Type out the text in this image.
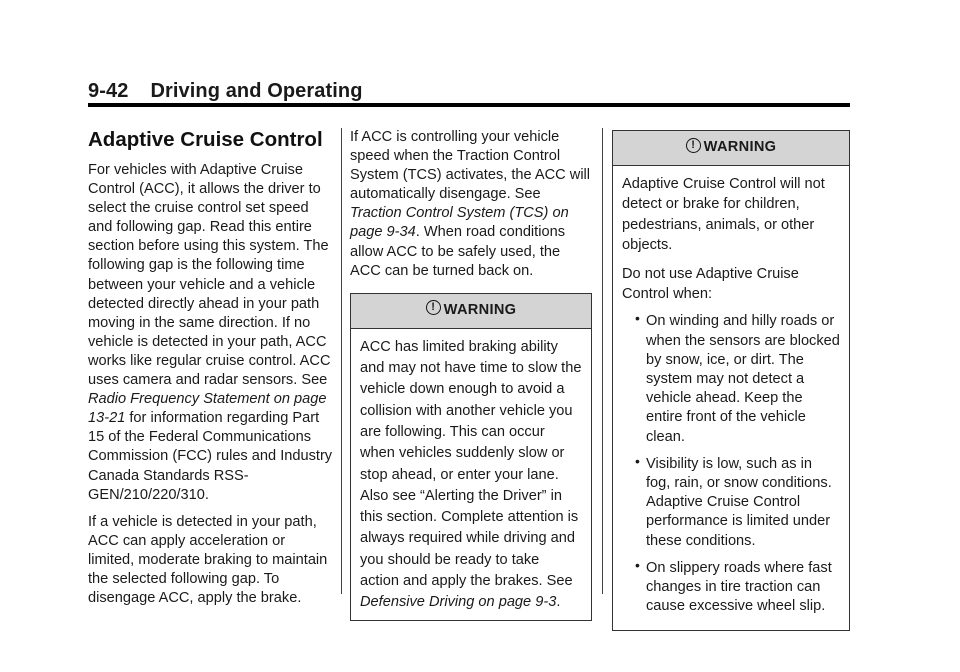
9-42 Driving and Operating
Adaptive Cruise Control

For vehicles with Adaptive Cruise Control (ACC), it allows the driver to select the cruise control set speed and following gap. Read this entire section before using this system. The following gap is the following time between your vehicle and a vehicle detected directly ahead in your path moving in the same direction. If no vehicle is detected in your path, ACC works like regular cruise control. ACC uses camera and radar sensors. See Radio Frequency Statement on page 13-21 for information regarding Part 15 of the Federal Communications Commission (FCC) rules and Industry Canada Standards RSS-GEN/210/220/310.

If a vehicle is detected in your path, ACC can apply acceleration or limited, moderate braking to maintain the selected following gap. To disengage ACC, apply the brake.

If ACC is controlling your vehicle speed when the Traction Control System (TCS) activates, the ACC will automatically disengage. See Traction Control System (TCS) on page 9-34. When road conditions allow ACC to be safely used, the ACC can be turned back on.

! WARNING
ACC has limited braking ability and may not have time to slow the vehicle down enough to avoid a collision with another vehicle you are following. This can occur when vehicles suddenly slow or stop ahead, or enter your lane. Also see “Alerting the Driver” in this section. Complete attention is always required while driving and you should be ready to take action and apply the brakes. See Defensive Driving on page 9-3.
! WARNING

Adaptive Cruise Control will not detect or brake for children, pedestrians, animals, or other objects.

Do not use Adaptive Cruise Control when:

• On winding and hilly roads or when the sensors are blocked by snow, ice, or dirt. The system may not detect a vehicle ahead. Keep the entire front of the vehicle clean.
• Visibility is low, such as in fog, rain, or snow conditions. Adaptive Cruise Control performance is limited under these conditions.
• On slippery roads where fast changes in tire traction can cause excessive wheel slip.
